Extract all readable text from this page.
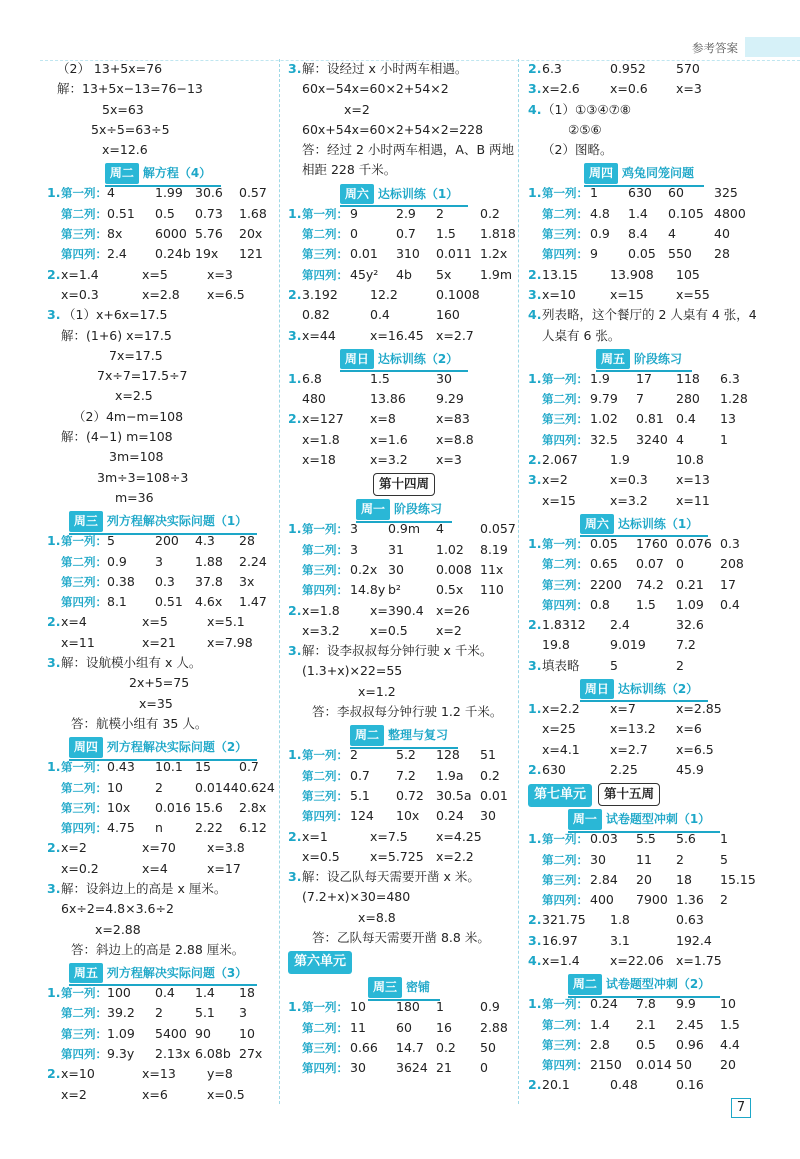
参考答案
（2） 13+5x=76
解：13+5x−13=76−13
5x=63
5x÷5=63÷5
x=12.6
周二 解方程（4）
1. 第一列： 4	1.99 30.6 0.57
第二列： 0.51 0.5 0.73 1.68
第三列： 8x	6000 5.76 20x
第四列： 2.4 0.24b 19x 121
2. x=1.4	x=5	x=3
x=0.3	x=2.8 x=6.5
3. （1）x+6x=17.5
解：(1+6) x=17.5
7x=17.5
7x÷7=17.5÷7
x=2.5
（2）4m−m=108
解：(4−1) m=108
3m=108
3m÷3=108÷3
m=36
周三 列方程解决实际问题（1）
1. 第一列： 5	200 4.3 28
第二列： 0.9 3	1.88 2.24
第三列： 0.38 0.3 37.8 3x
第四列： 8.1 0.51 4.6x 1.47
2. x=4	x=5	x=5.1
x=11	x=21 x=7.98
3. 解：设航模小组有 x 人。
2x+5=75
x=35
答：航模小组有 35 人。
周四 列方程解决实际问题（2）
1. 第一列： 0.43 10.1 15 0.7
第二列： 10	2	0.0144 0.624
第三列： 10x 0.016 15.6 2.8x
第四列： 4.75 n	2.22 6.12
2. x=2	x=70 x=3.8
x=0.2	x=4	x=17
3. 解：设斜边上的高是 x 厘米。
6x÷2=4.8×3.6÷2
x=2.88
答：斜边上的高是 2.88 厘米。
周五 列方程解决实际问题（3）
1. 第一列： 100 0.4 1.4 18
第二列： 39.2 2	5.1 3
第三列： 1.09 5400 90 10
第四列： 9.3y 2.13x 6.08b 27x
2. x=10	x=13 y=8
x=2	x=6	x=0.5
3. 解：设经过 x 小时两车相遇。
60x−54x=60×2+54×2
x=2
60x+54x=60×2+54×2=228
答：经过 2 小时两车相遇，A、B 两地
相距 228 千米。
周六 达标训练（1）
1. 第一列： 9	2.9 2	0.2
第二列： 0	0.7 1.5 1.818
第三列： 0.01 310 0.011 1.2x
第四列： 45y² 4b 5x 1.9m
2. 3.192	12.2	0.1008
0.82	0.4	160
3. x=44	x=16.45 x=2.7
周日 达标训练（2）
1. 6.8	1.5	30
480	13.86 9.29
2. x=127 x=8	x=83
x=1.8 x=1.6 x=8.8
x=18	x=3.2 x=3
第十四周
周一 阶段练习
1. 第一列： 3 0.9m 4	0.057
第二列： 3 31	1.02 8.19
第三列： 0.2x 30	0.008 11x
第四列： 14.8y b²	0.5x 110
2. x=1.8 x=390.4 x=26
x=3.2 x=0.5 x=2
3. 解：设李叔叔每分钟行驶 x 千米。
(1.3+x)×22=55
x=1.2
答：李叔叔每分钟行驶 1.2 千米。
周二 整理与复习
1. 第一列： 2	5.2 128 51
第二列： 0.7 7.2 1.9a 0.2
第三列： 5.1 0.72 30.5a 0.01
第四列： 124 10x 0.24 30
2. x=1	x=7.5 x=4.25
x=0.5 x=5.725 x=2.2
3. 解：设乙队每天需要开凿 x 米。
(7.2+x)×30=480
x=8.8
答：乙队每天需要开凿 8.8 米。
第六单元
周三 密铺
1. 第一列： 10 180 1	0.9
第二列： 11 60 16 2.88
第三列： 0.66 14.7 0.2 50
第四列： 30 3624 21 0
2. 6.3	0.952 570
3. x=2.6 x=0.6 x=3
4. （1）①③④⑦⑧
②⑤⑥
（2）图略。
周四 鸡兔同笼问题
1. 第一列： 1 630 60 325
第二列： 4.8 1.4 0.105 4800
第三列： 0.9 8.4 4	40
第四列： 9 0.05 550 28
2. 13.15	13.908 105
3. x=10	x=15	x=55
4. 列表略，这个餐厅的 2 人桌有 4 张，4
人桌有 6 张。
周五 阶段练习
1. 第一列： 1.9 17 118 6.3
第二列： 9.79 7	280 1.28
第三列： 1.02 0.81 0.4 13
第四列： 32.5 3240 4	1
2. 2.067	1.9	10.8
3. x=2	x=0.3 x=13
x=15	x=3.2 x=11
周六 达标训练（1）
1. 第一列： 0.05 1760 0.076 0.3
第二列： 0.65 0.07 0	208
第三列： 2200 74.2 0.21 17
第四列： 0.8 1.5 1.09 0.4
2. 1.8312 2.4	32.6
19.8	9.019 7.2
3. 填表略 5	2
周日 达标训练（2）
1. x=2.2 x=7	x=2.85
x=25	x=13.2 x=6
x=4.1 x=2.7 x=6.5
2. 630	2.25	45.9
第七单元 第十五周
周一 试卷题型冲刺（1）
1. 第一列： 0.03 5.5 5.6 1
第二列： 30 11 2	5
第三列： 2.84 20 18 15.15
第四列： 400 7900 1.36 2
2. 321.75 1.8	0.63
3. 16.97	3.1	192.4
4. x=1.4 x=22.06 x=1.75
周二 试卷题型冲刺（2）
1. 第一列： 0.24 7.8 9.9 10
第二列： 1.4 2.1 2.45 1.5
第三列： 2.8 0.5 0.96 4.4
第四列： 2150 0.014 50 20
2. 20.1	0.48	0.16
7
